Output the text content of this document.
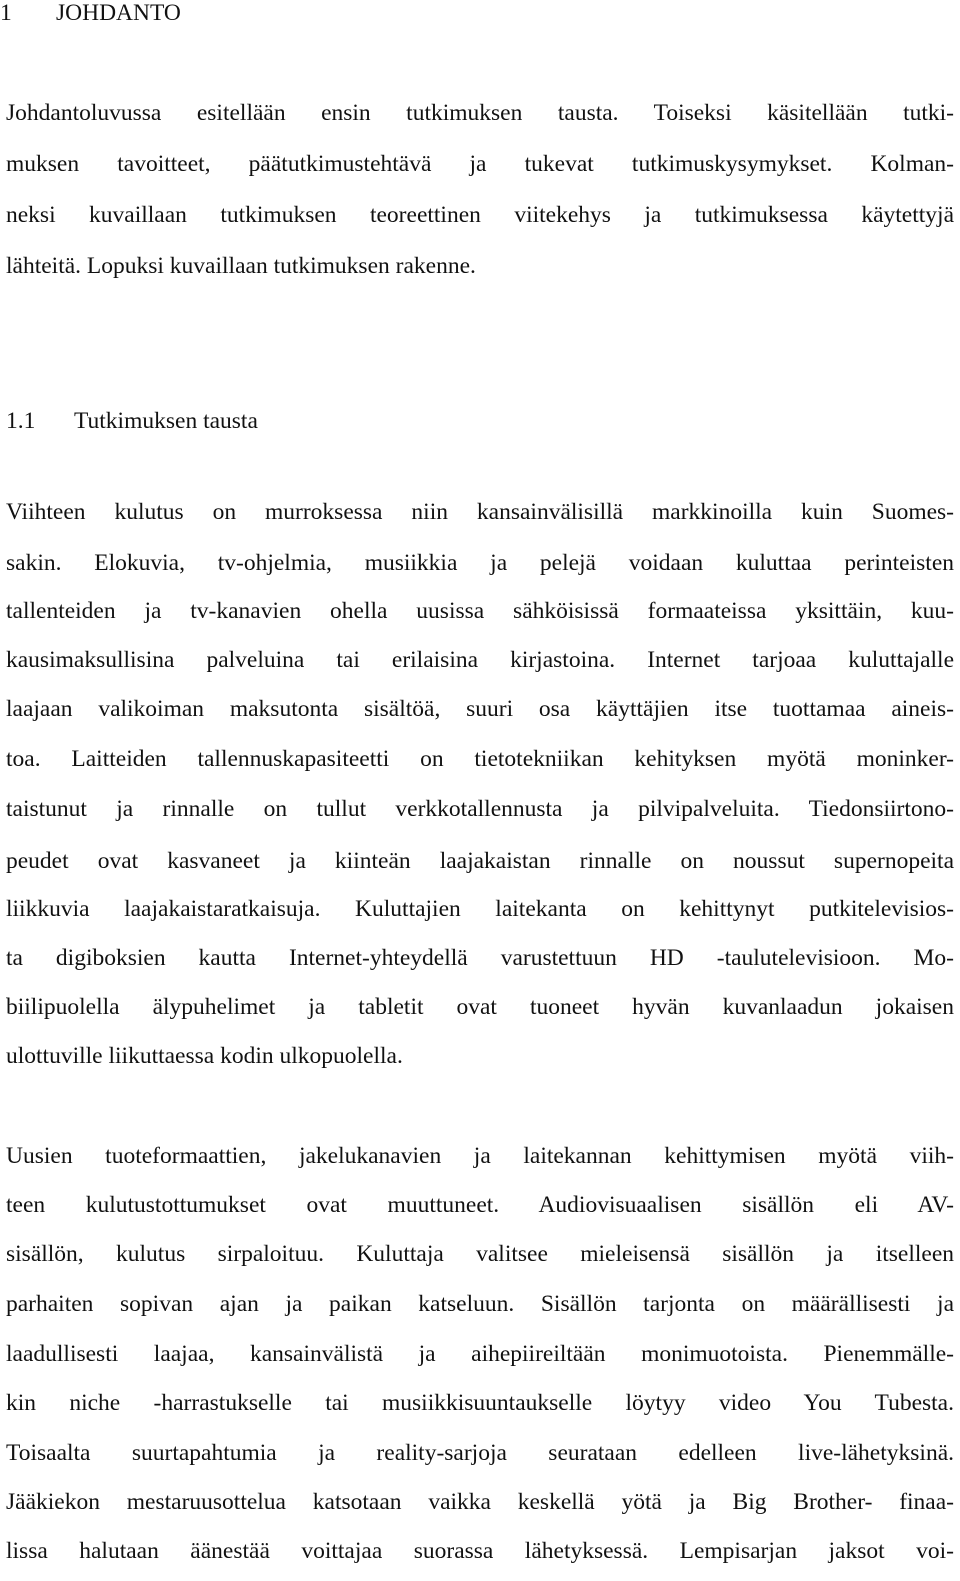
1 JOHDANTO
Johdantoluvussa esitellään ensin tutkimuksen tausta. Toiseksi käsitellään tutki-
muksen tavoitteet, päätutkimustehtävä ja tukevat tutkimuskysymykset. Kolman-
neksi kuvaillaan tutkimuksen teoreettinen viitekehys ja tutkimuksessa käytettyjä
lähteitä. Lopuksi kuvaillaan tutkimuksen rakenne.
1.1 Tutkimuksen tausta
Viihteen kulutus on murroksessa niin kansainvälisillä markkinoilla kuin Suomes-
sakin. Elokuvia, tv-ohjelmia, musiikkia ja pelejä voidaan kuluttaa perinteisten
tallenteiden ja tv-kanavien ohella uusissa sähköisissä formaateissa yksittäin, kuu-
kausimaksullisina palveluina tai erilaisina kirjastoina. Internet tarjoaa kuluttajalle
laajaan valikoiman maksutonta sisältöä, suuri osa käyttäjien itse tuottamaa aineis-
toa. Laitteiden tallennuskapasiteetti on tietotekniikan kehityksen myötä moninker-
taistunut ja rinnalle on tullut verkkotallennusta ja pilvipalveluita. Tiedonsiirtono-
peudet ovat kasvaneet ja kiinteän laajakaistan rinnalle on noussut supernopeita
liikkuvia laajakaistaratkaisuja. Kuluttajien laitekanta on kehittynyt putkitelevisios-
ta digiboksien kautta Internet-yhteydellä varustettuun HD -taulutelevisioon. Mo-
biilipuolella älypuhelimet ja tabletit ovat tuoneet hyvän kuvanlaadun jokaisen
ulottuville liikuttaessa kodin ulkopuolella.
Uusien tuoteformaattien, jakelukanavien ja laitekannan kehittymisen myötä viih-
teen kulutustottumukset ovat muuttuneet. Audiovisuaalisen sisällön eli AV-
sisällön, kulutus sirpaloituu. Kuluttaja valitsee mieleisensä sisällön ja itselleen
parhaiten sopivan ajan ja paikan katseluun. Sisällön tarjonta on määrällisesti ja
laadullisesti laajaa, kansainvälistä ja aihepiireiltään monimuotoista. Pienemmälle-
kin niche -harrastukselle tai musiikkisuuntaukselle löytyy video You Tubesta.
Toisaalta suurtapahtumia ja reality-sarjoja seurataan edelleen live-lähetyksinä.
Jääkiekon mestaruusottelua katsotaan vaikka keskellä yötä ja Big Brother- finaa-
lissa halutaan äänestää voittajaa suorassa lähetyksessä. Lempisarjan jaksot voi-
